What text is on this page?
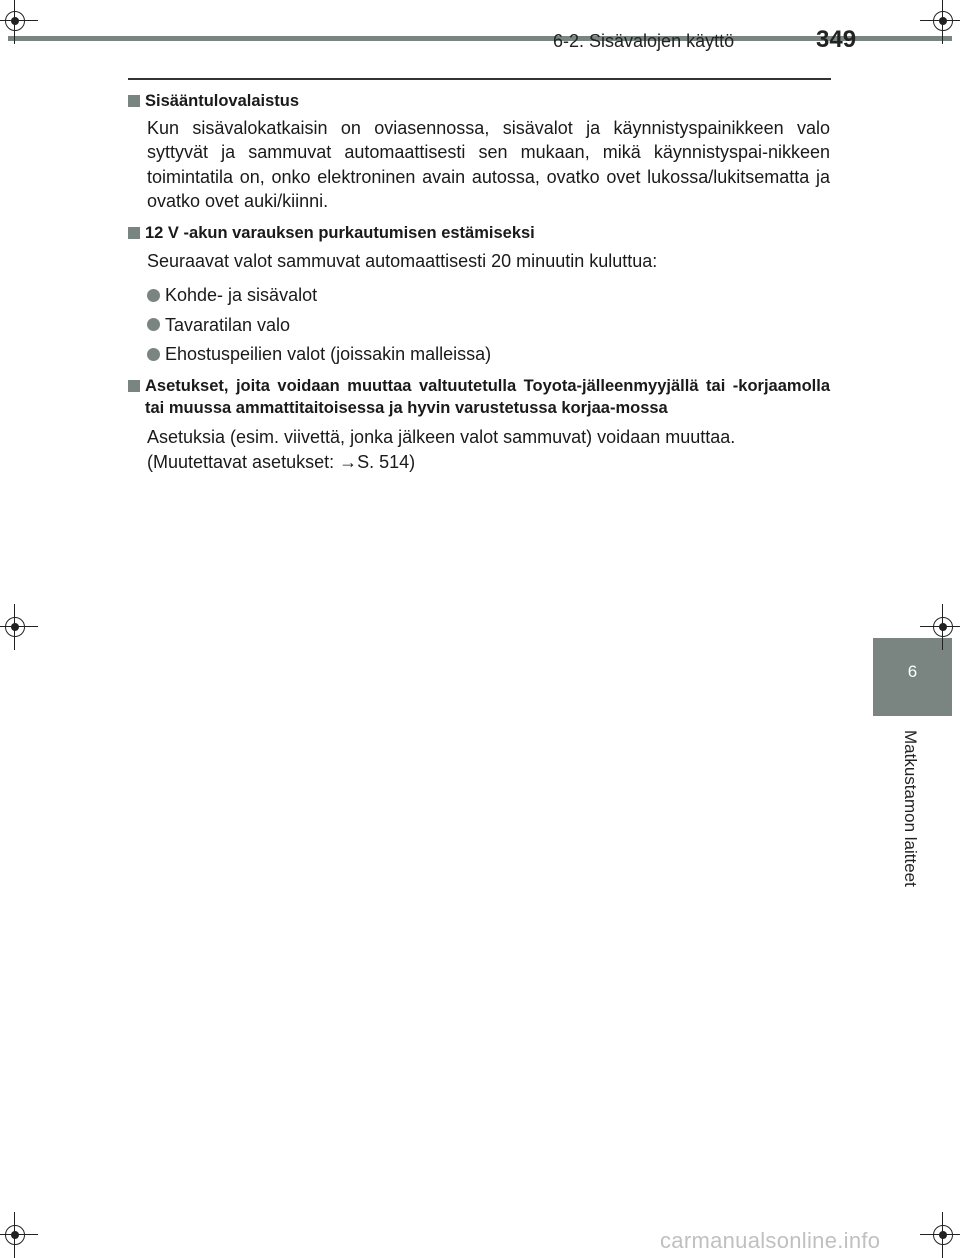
6-2. Sisävalojen käyttö	349
Sisääntulovalaistus
Kun sisävalokatkaisin on oviasennossa, sisävalot ja käynnistyspainikkeen valo syttyvät ja sammuvat automaattisesti sen mukaan, mikä käynnistyspai-nikkeen toimintatila on, onko elektroninen avain autossa, ovatko ovet lukossa/lukitsematta ja ovatko ovet auki/kiinni.
12 V -akun varauksen purkautumisen estämiseksi
Seuraavat valot sammuvat automaattisesti 20 minuutin kuluttua:
Kohde- ja sisävalot
Tavaratilan valo
Ehostuspeilien valot (joissakin malleissa)
Asetukset, joita voidaan muuttaa valtuutetulla Toyota-jälleenmyyjällä tai -korjaamolla tai muussa ammattitaitoisessa ja hyvin varustetussa korjaa-mossa
Asetuksia (esim. viivettä, jonka jälkeen valot sammuvat) voidaan muuttaa.
(Muutettavat asetukset: →S. 514)
6
Matkustamon laitteet
carmanualsonline.info
